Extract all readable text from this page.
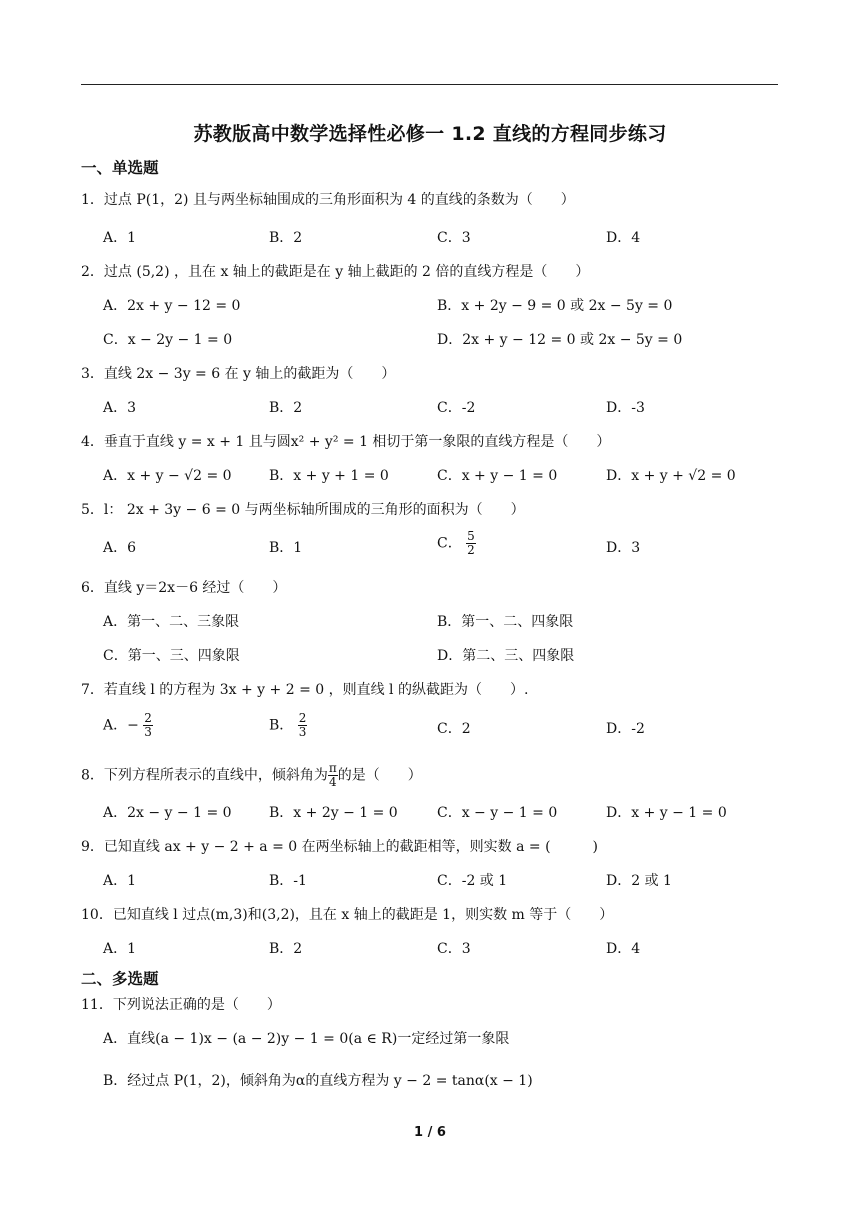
苏教版高中数学选择性必修一 1.2 直线的方程同步练习
一、单选题
1．过点 P(1，2) 且与两坐标轴围成的三角形面积为 4 的直线的条数为（　　）
A．1	B．2	C．3	D．4
2．过点 (5,2) ，且在 x 轴上的截距是在 y 轴上截距的 2 倍的直线方程是（　　）
A．2x + y − 12 = 0	B．x + 2y − 9 = 0 或 2x − 5y = 0
C．x − 2y − 1 = 0	D．2x + y − 12 = 0 或 2x − 5y = 0
3．直线 2x − 3y = 6 在 y 轴上的截距为（　　）
A．3	B．2	C．-2	D．-3
4．垂直于直线 y = x + 1 且与圆x² + y² = 1 相切于第一象限的直线方程是（　　）
A．x + y − √2 = 0	B．x + y + 1 = 0	C．x + y − 1 = 0	D．x + y + √2 = 0
5．l： 2x + 3y − 6 = 0 与两坐标轴所围成的三角形的面积为（　　）
A．6	B．1	C． $\frac{5}{2}$	D．3
6．直线 y＝2x－6 经过（　　）
A．第一、二、三象限	B．第一、二、四象限
C．第一、三、四象限	D．第二、三、四象限
7．若直线 l 的方程为 3x + y + 2 = 0 ，则直线 l 的纵截距为（　　）.
A．− $\frac{2}{3}$	B． $\frac{2}{3}$	C．2	D．-2
8．下列方程所表示的直线中，倾斜角为 $\frac{\pi}{4}$ 的是（　　）
A．2x − y − 1 = 0	B．x + 2y − 1 = 0	C．x − y − 1 = 0	D．x + y − 1 = 0
9．已知直线 ax + y − 2 + a = 0 在两坐标轴上的截距相等，则实数 a = (　　　)
A．1	B．-1	C．-2 或 1	D．2 或 1
10．已知直线 l 过点(m,3)和(3,2)，且在 x 轴上的截距是 1，则实数 m 等于（　　）
A．1	B．2	C．3	D．4
二、多选题
11．下列说法正确的是（　　）
A．直线(a − 1)x − (a − 2)y − 1 = 0(a ∈ R)一定经过第一象限
B．经过点 P(1，2)，倾斜角为α的直线方程为 y − 2 = tanα(x − 1)
1 / 6
